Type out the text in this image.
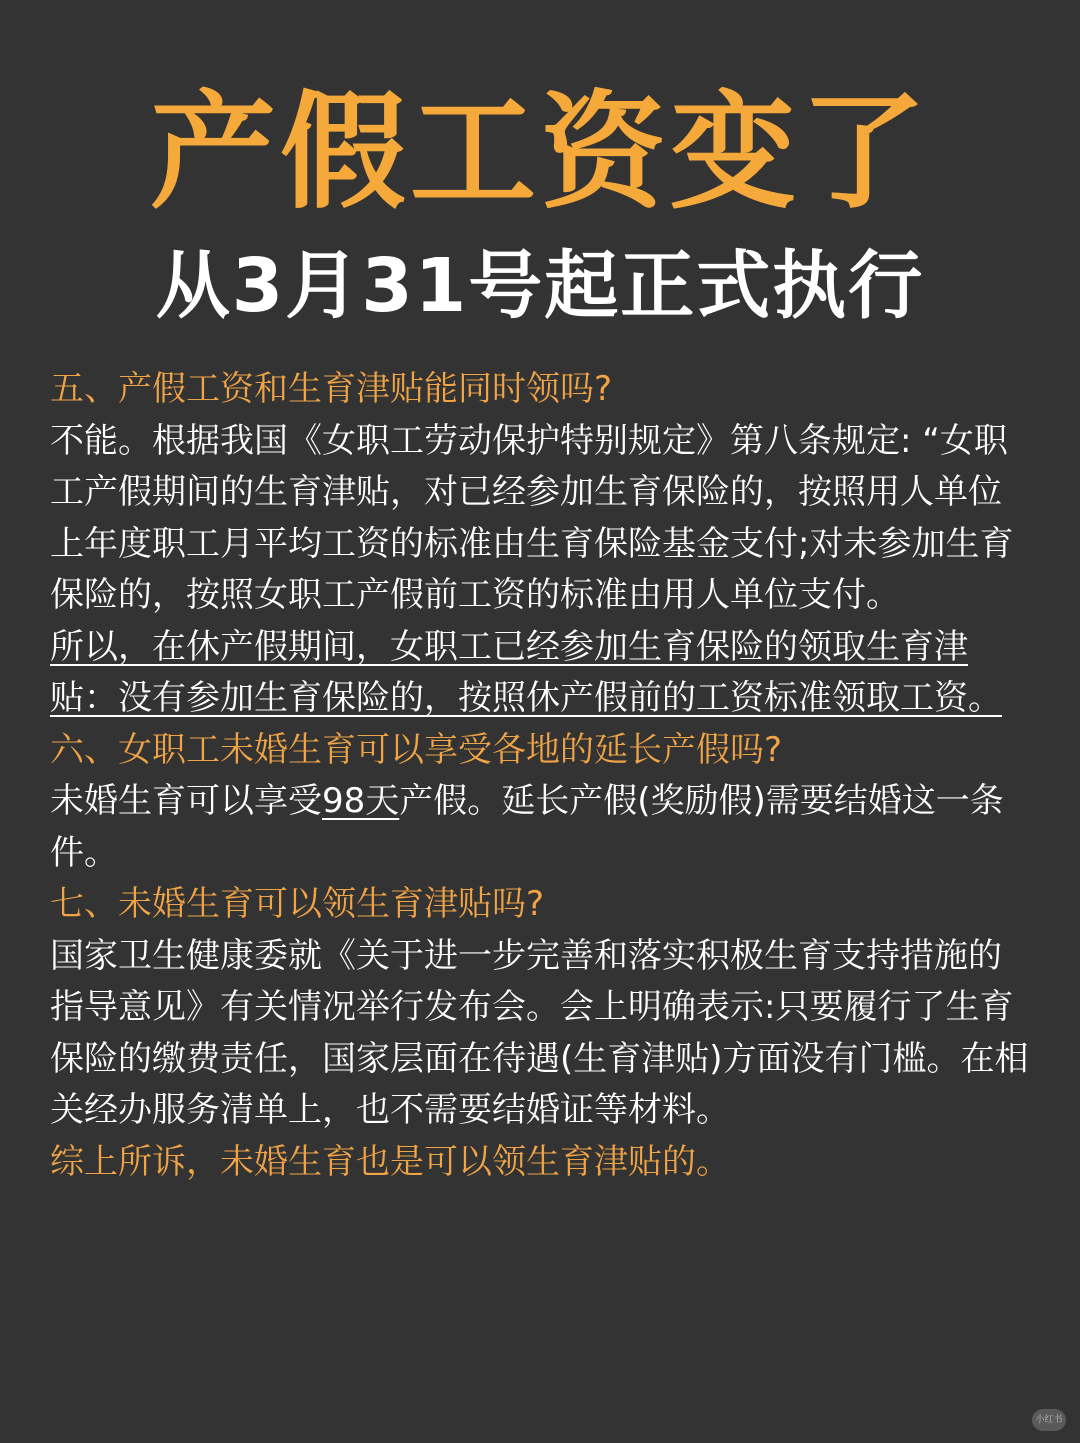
产假工资变了
从3月31号起正式执行

五、产假工资和生育津贴能同时领吗?

不能。根据我国《女职工劳动保护特别规定》第八条规定: “女职工产假期间的生育津贴，对已经参加生育保险的，按照用人单位上年度职工月平均工资的标准由生育保险基金支付;对未参加生育保险的，按照女职工产假前工资的标准由用人单位支付。

所以，在休产假期间，女职工已经参加生育保险的领取生育津贴：没有参加生育保险的，按照休产假前的工资标准领取工资。

六、女职工未婚生育可以享受各地的延长产假吗?

未婚生育可以享受98天产假。延长产假(奖励假)需要结婚这一条件。

七、未婚生育可以领生育津贴吗?

国家卫生健康委就《关于进一步完善和落实积极生育支持措施的指导意见》有关情况举行发布会。会上明确表示:只要履行了生育保险的缴费责任，国家层面在待遇(生育津贴)方面没有门槛。在相关经办服务清单上，也不需要结婚证等材料。

综上所诉，未婚生育也是可以领生育津贴的。

小红书
